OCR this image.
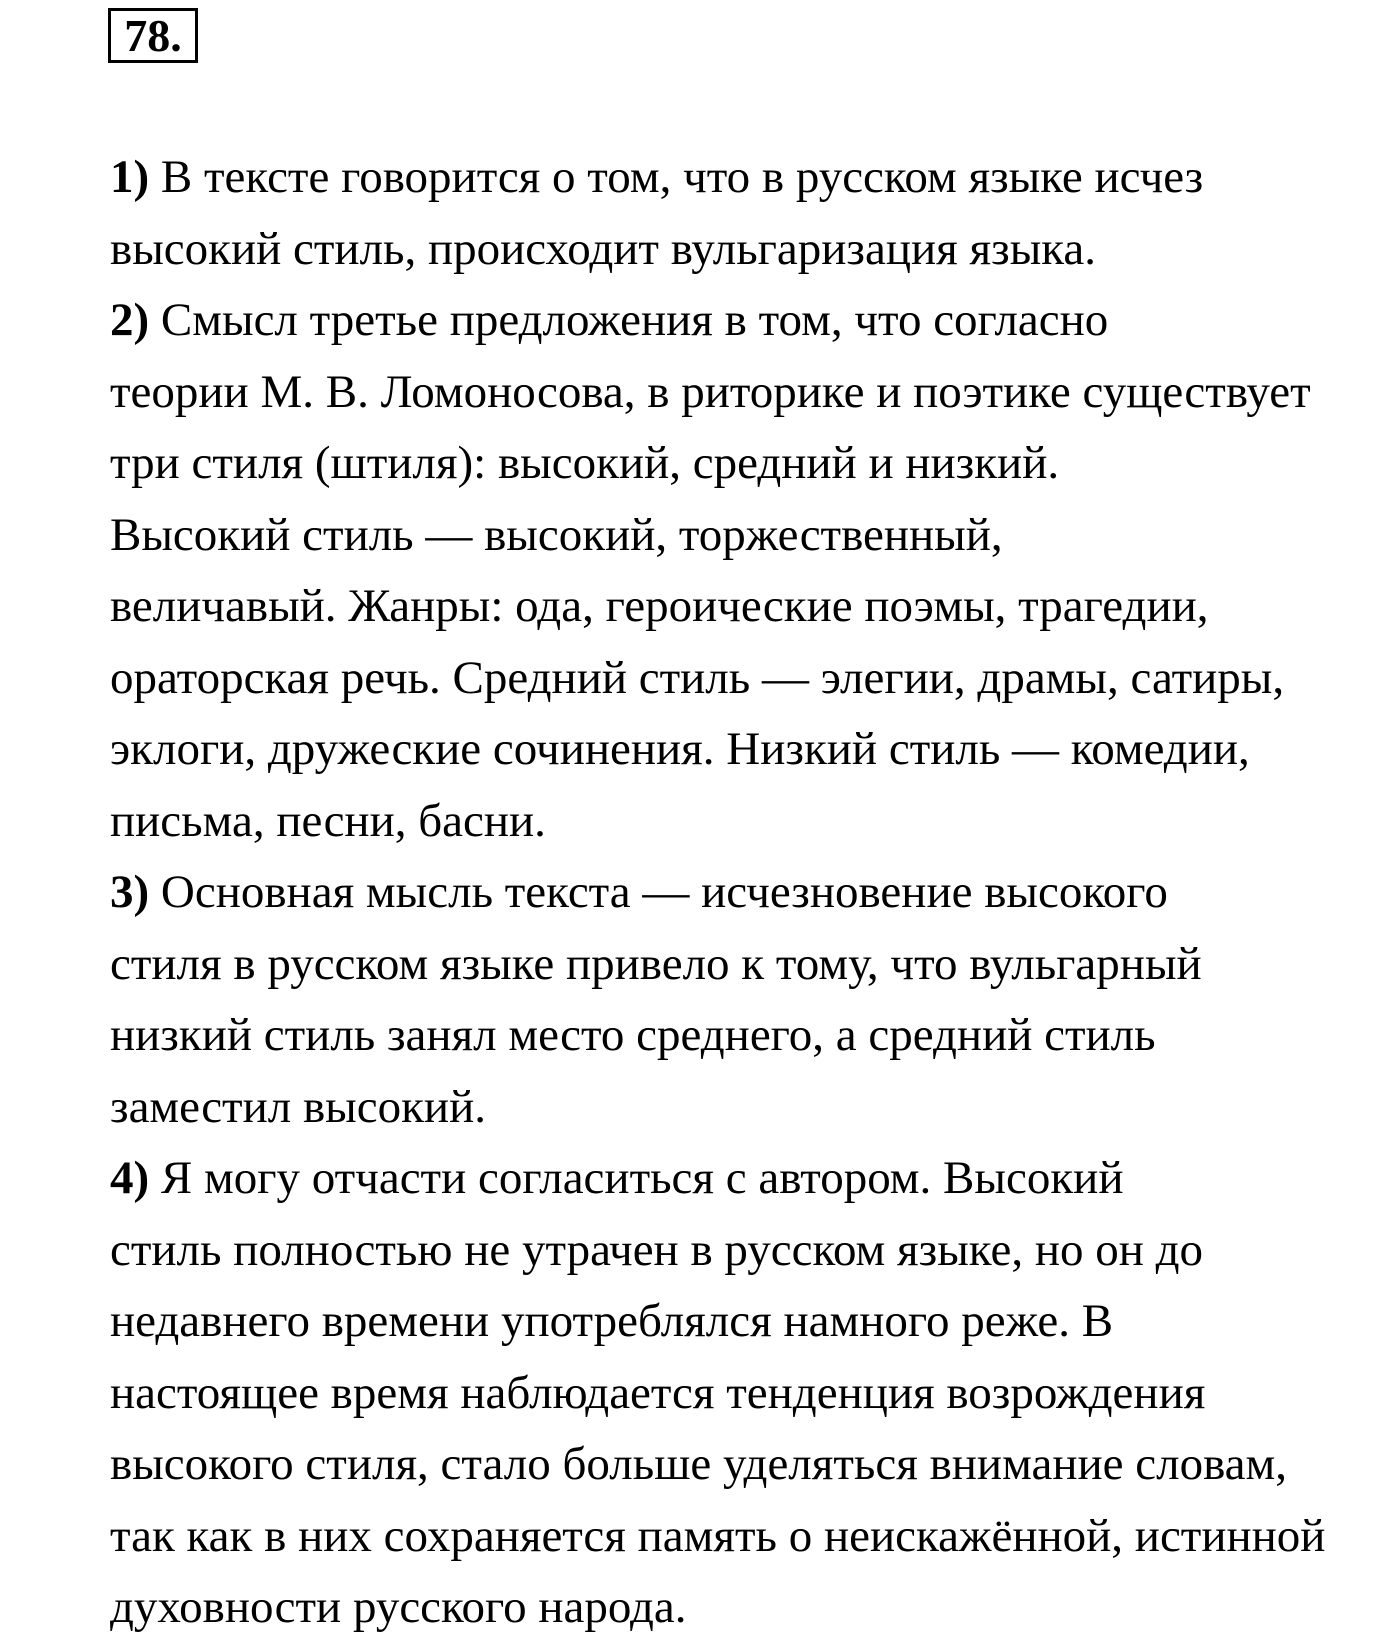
78.

1) В тексте говорится о том, что в русском языке исчез
высокий стиль, происходит вульгаризация языка.

2) Смысл третье предложения в том, что согласно
теории М. В. Ломоносова, в риторике и поэтике существует
три стиля (штиля): высокий, средний и низкий.

Высокий стиль — высокий, торжественный,
величавый. Жанры: ода, героические поэмы, трагедии,
ораторская речь. Средний стиль — элегии, драмы, сатиры,
эклоги, дружеские сочинения. Низкий стиль — комедии,
письма, песни, басни.

3) Основная мысль текста — исчезновение высокого
стиля в русском языке привело к тому, что вульгарный
низкий стиль занял место среднего, а средний стиль
заместил высокий.

4) Я могу отчасти согласиться с автором. Высокий
стиль полностью не утрачен в русском языке, но он до
недавнего времени употреблялся намного реже. В
настоящее время наблюдается тенденция возрождения
высокого стиля, стало больше уделяться внимание словам,
так как в них сохраняется память о неискажённой, истинной
духовности русского народа.
